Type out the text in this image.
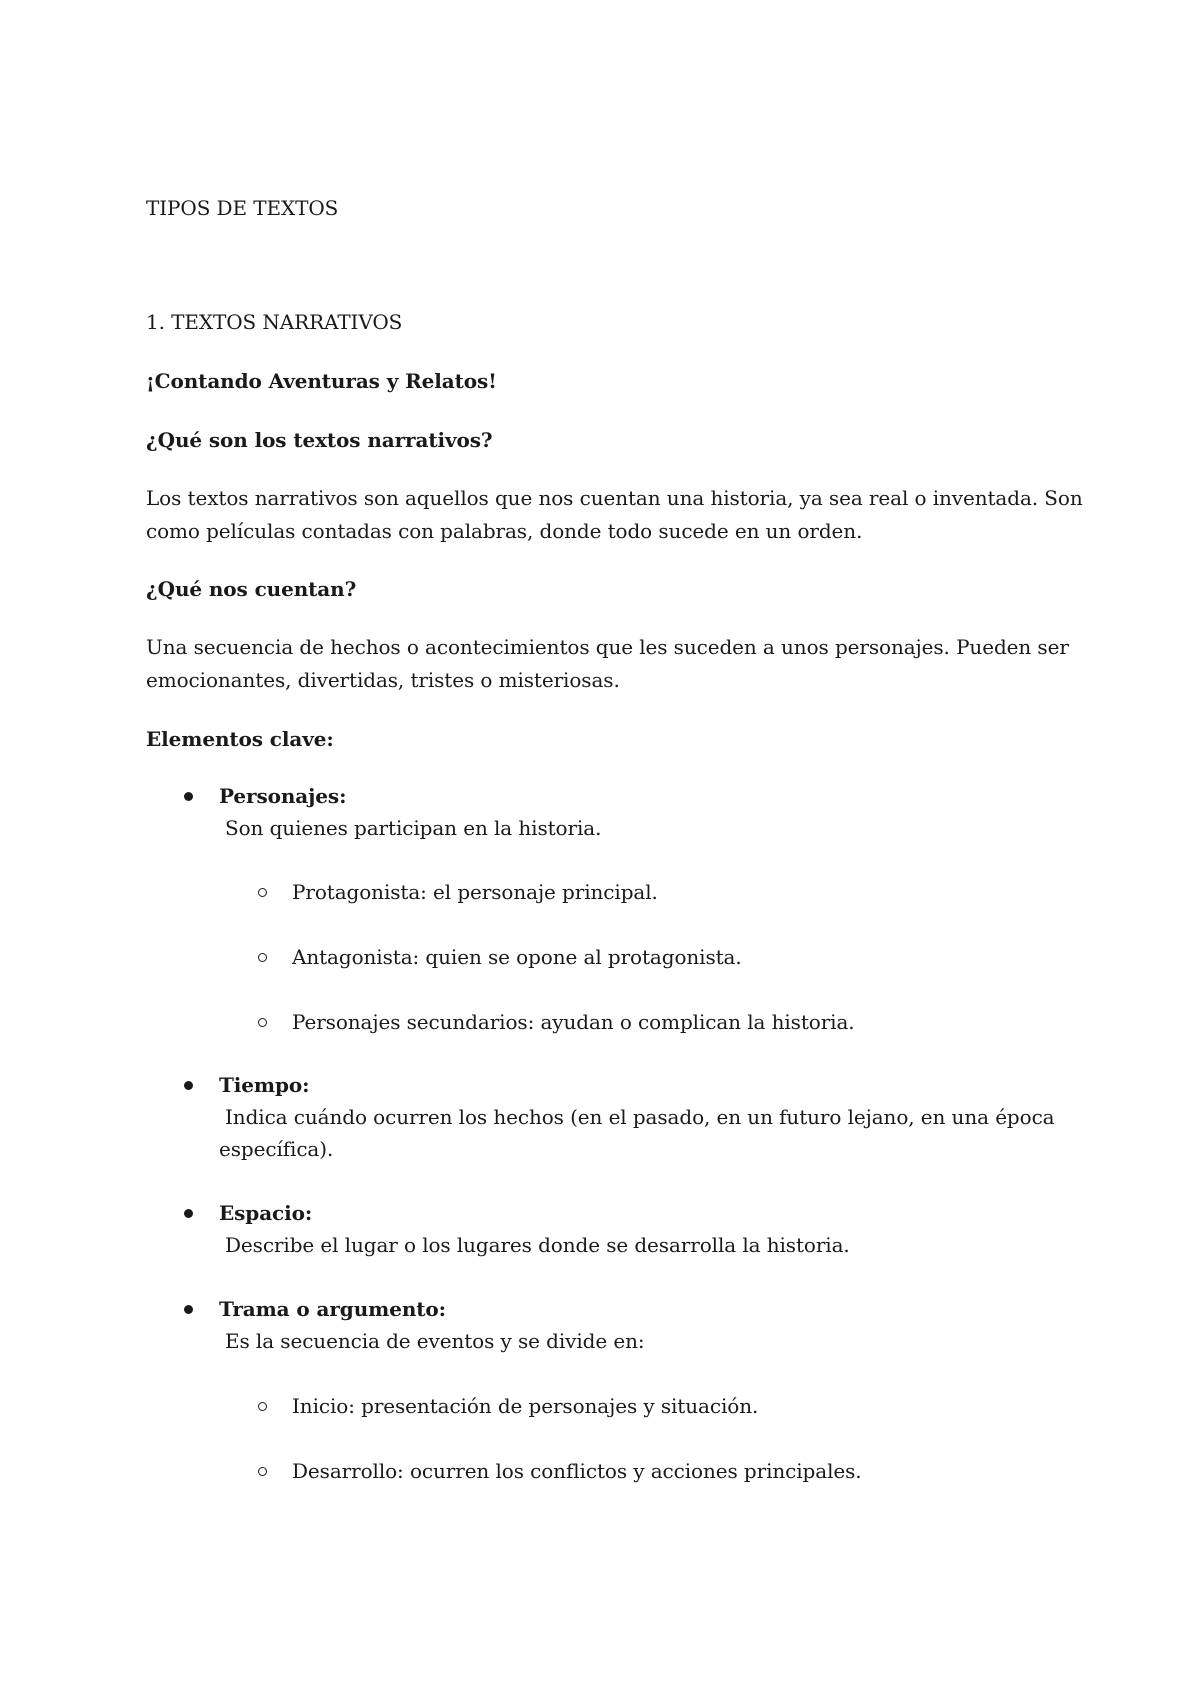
TIPOS DE TEXTOS

1. TEXTOS NARRATIVOS

¡Contando Aventuras y Relatos!

¿Qué son los textos narrativos?

Los textos narrativos son aquellos que nos cuentan una historia, ya sea real o inventada. Son

como películas contadas con palabras, donde todo sucede en un orden.

¿Qué nos cuentan?

Una secuencia de hechos o acontecimientos que les suceden a unos personajes. Pueden ser

emocionantes, divertidas, tristes o misteriosas.

Elementos clave:

Personajes:

Son quienes participan en la historia.

Protagonista: el personaje principal.

Antagonista: quien se opone al protagonista.

Personajes secundarios: ayudan o complican la historia.

Tiempo:

Indica cuándo ocurren los hechos (en el pasado, en un futuro lejano, en una época

específica).

Espacio:

Describe el lugar o los lugares donde se desarrolla la historia.

Trama o argumento:

Es la secuencia de eventos y se divide en:

Inicio: presentación de personajes y situación.

Desarrollo: ocurren los conflictos y acciones principales.
